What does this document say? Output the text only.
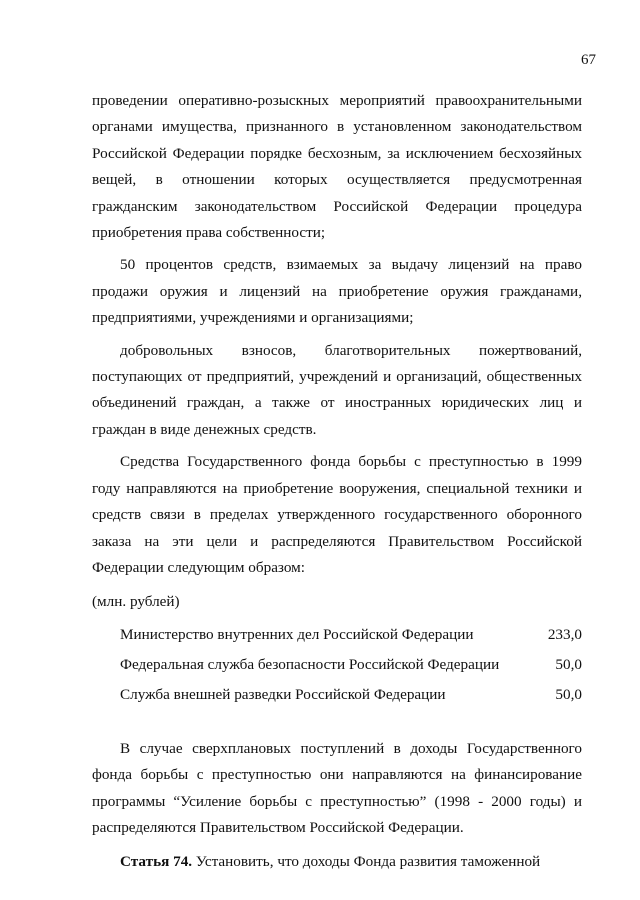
67

проведении оперативно-розыскных мероприятий правоохранительными органами имущества, признанного в установленном законодательством Российской Федерации порядке бесхозным, за исключением бесхозяйных вещей, в отношении которых осуществляется предусмотренная гражданским законодательством Российской Федерации процедура приобретения права собственности;

50 процентов средств, взимаемых за выдачу лицензий на право продажи оружия и лицензий на приобретение оружия гражданами, предприятиями, учреждениями и организациями;

добровольных взносов, благотворительных пожертвований, поступающих от предприятий, учреждений и организаций, общественных объединений граждан, а также от иностранных юридических лиц и граждан в виде денежных средств.

Средства Государственного фонда борьбы с преступностью в 1999 году направляются на приобретение вооружения, специальной техники и средств связи в пределах утвержденного государственного оборонного заказа на эти цели и распределяются Правительством Российской Федерации следующим образом:

(млн. рублей)

Министерство внутренних дел Российской Федерации	233,0
Федеральная служба безопасности Российской Федерации	50,0
Служба внешней разведки Российской Федерации	50,0

В случае сверхплановых поступлений в доходы Государственного фонда борьбы с преступностью они направляются на финансирование программы “Усиление борьбы с преступностью” (1998 - 2000 годы) и распределяются Правительством Российской Федерации.

Статья 74. Установить, что доходы Фонда развития таможенной
